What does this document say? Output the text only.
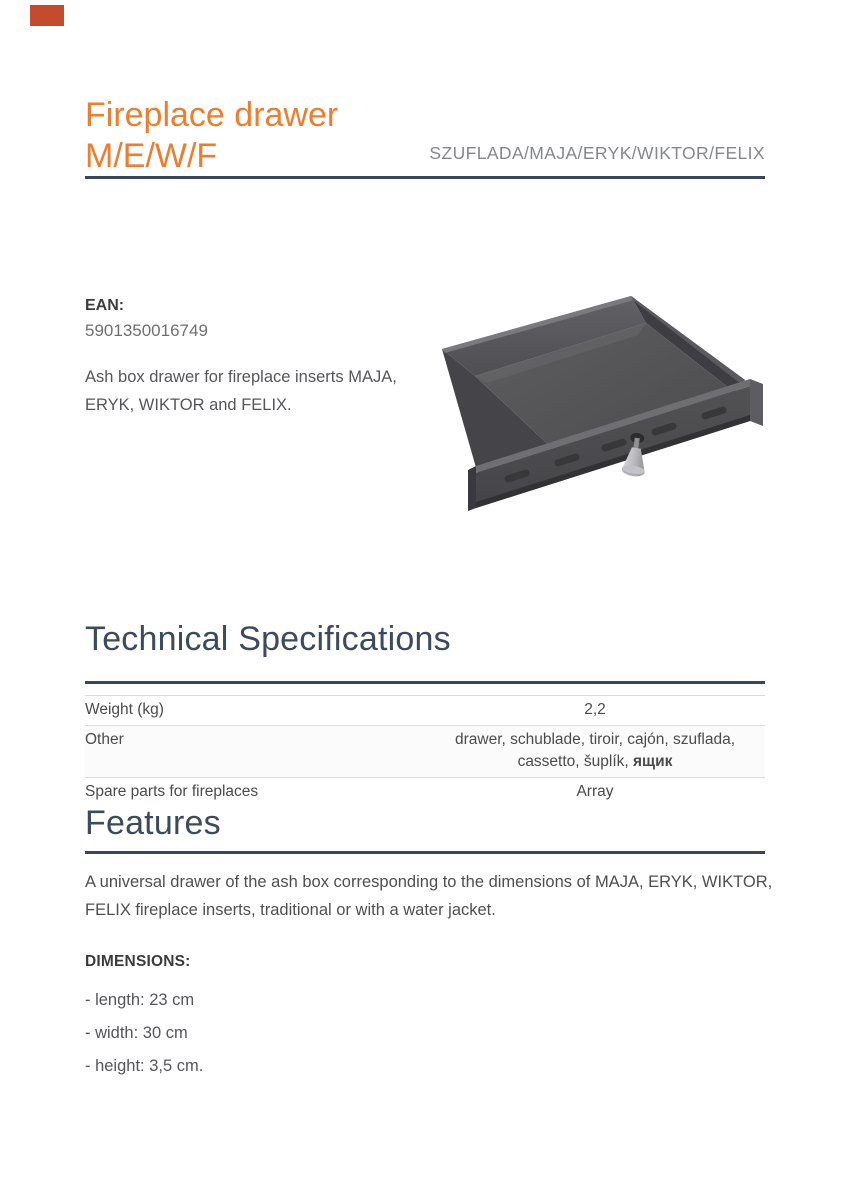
Fireplace drawer
M/E/W/F	SZUFLADA/MAJA/ERYK/WIKTOR/FELIX
EAN:
5901350016749
Ash box drawer for fireplace inserts MAJA, ERYK, WIKTOR and FELIX.
Technical Specifications
Weight (kg)	2,2
Other	drawer, schublade, tiroir, cajón, szuflada, cassetto, šuplík, ящик
Spare parts for fireplaces	Array
Features
A universal drawer of the ash box corresponding to the dimensions of MAJA, ERYK, WIKTOR, FELIX fireplace inserts, traditional or with a water jacket.
DIMENSIONS:
- length: 23 cm
- width: 30 cm
- height: 3,5 cm.
